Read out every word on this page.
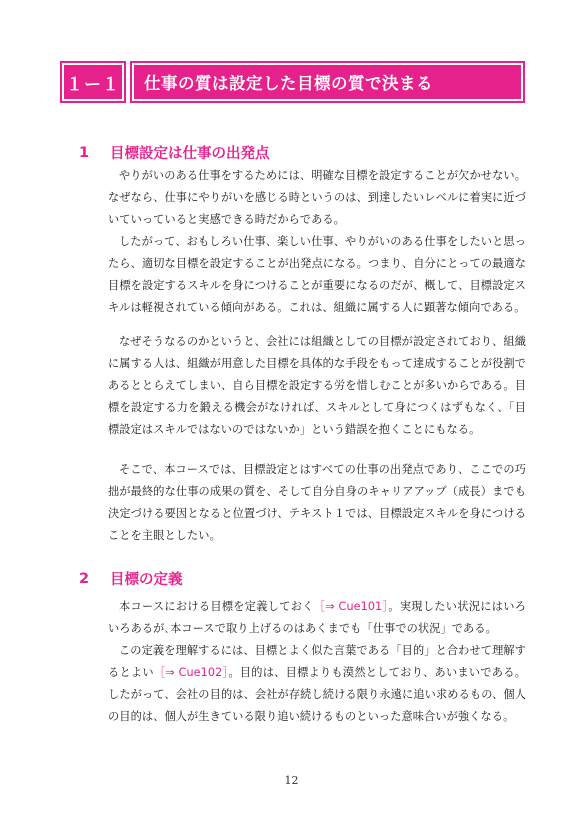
１ー１	仕事の質は設定した目標の質で決まる
1	目標設定は仕事の出発点
やりがいのある仕事をするためには、明確な目標を設定することが欠かせない。なぜなら、仕事にやりがいを感じる時というのは、到達したいレベルに着実に近づいていっていると実感できる時だからである。
したがって、おもしろい仕事、楽しい仕事、やりがいのある仕事をしたいと思ったら、適切な目標を設定することが出発点になる。つまり、自分にとっての最適な目標を設定するスキルを身につけることが重要になるのだが、概して、目標設定スキルは軽視されている傾向がある。これは、組織に属する人に顕著な傾向である。
なぜそうなるのかというと、会社には組織としての目標が設定されており、組織に属する人は、組織が用意した目標を具体的な手段をもって達成することが役割であるととらえてしまい、自ら目標を設定する労を惜しむことが多いからである。目標を設定する力を鍛える機会がなければ、スキルとして身につくはずもなく、「目標設定はスキルではないのではないか」という錯誤を抱くことにもなる。
そこで、本コースでは、目標設定とはすべての仕事の出発点であり、ここでの巧拙が最終的な仕事の成果の質を、そして自分自身のキャリアアップ（成長）までも決定づける要因となると位置づけ、テキスト１では、目標設定スキルを身につけることを主眼としたい。
2	目標の定義
本コースにおける目標を定義しておく［⇒ Cue101］。実現したい状況にはいろいろあるが､本コースで取り上げるのはあくまでも「仕事での状況」である。
この定義を理解するには、目標とよく似た言葉である「目的」と合わせて理解するとよい［⇒ Cue102］。目的は、目標よりも漠然としており、あいまいである。したがって、会社の目的は、会社が存続し続ける限り永遠に追い求めるもの、個人の目的は、個人が生きている限り追い続けるものといった意味合いが強くなる。
12
